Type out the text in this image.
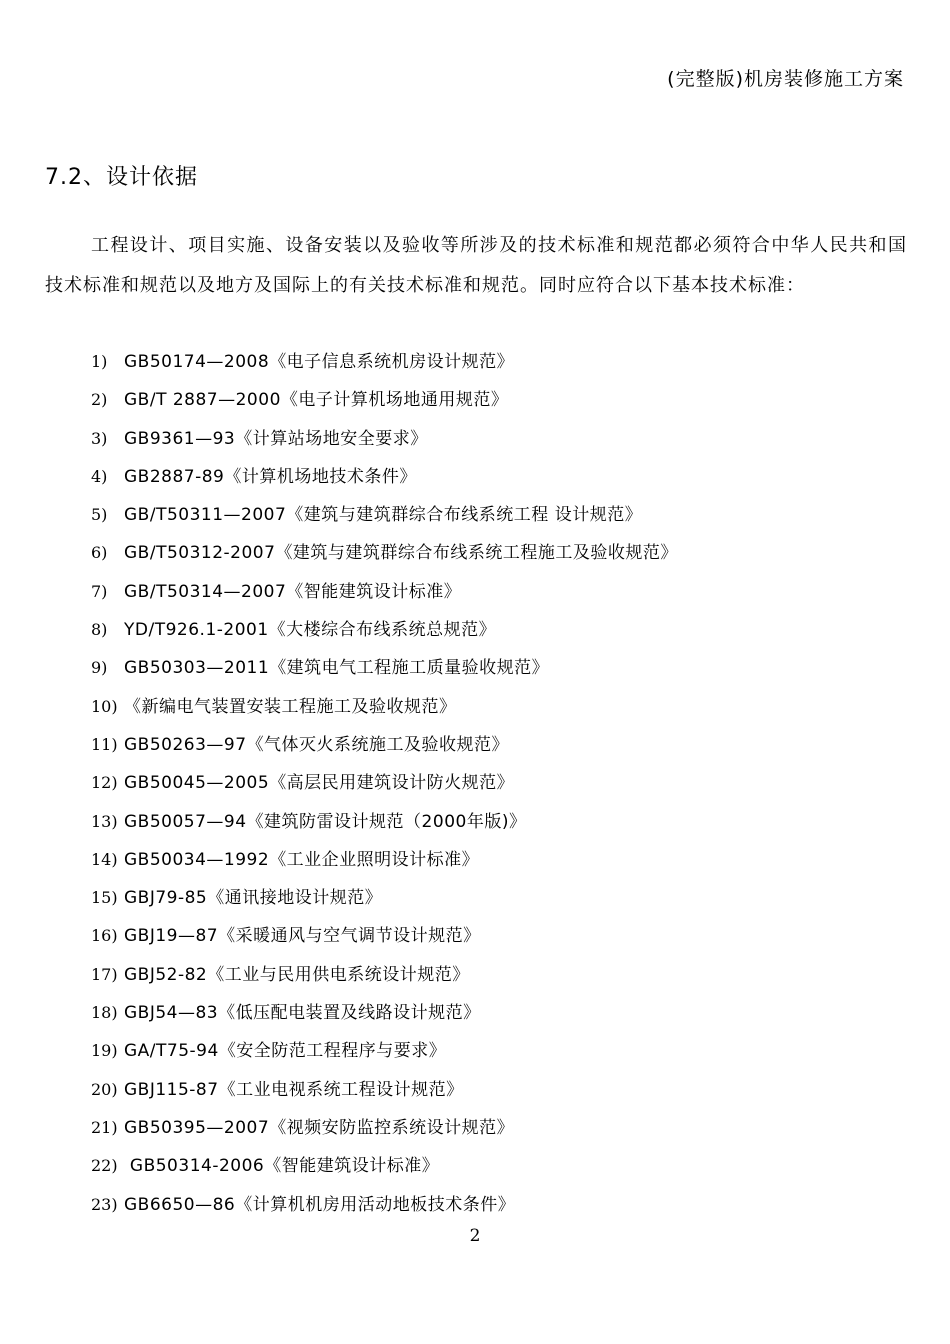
(完整版)机房装修施工方案
7.2、设计依据

工程设计、项目实施、设备安装以及验收等所涉及的技术标准和规范都必须符合中华人民共和国技术标准和规范以及地方及国际上的有关技术标准和规范。同时应符合以下基本技术标准：

1) GB50174—2008《电子信息系统机房设计规范》
2) GB/T 2887—2000《电子计算机场地通用规范》
3) GB9361—93《计算站场地安全要求》
4) GB2887-89《计算机场地技术条件》
5) GB/T50311—2007《建筑与建筑群综合布线系统工程 设计规范》
6) GB/T50312-2007《建筑与建筑群综合布线系统工程施工及验收规范》
7) GB/T50314—2007《智能建筑设计标准》
8) YD/T926.1-2001《大楼综合布线系统总规范》
9) GB50303—2011《建筑电气工程施工质量验收规范》
10) 《新编电气装置安装工程施工及验收规范》
11) GB50263—97《气体灭火系统施工及验收规范》
12) GB50045—2005《高层民用建筑设计防火规范》
13) GB50057—94《建筑防雷设计规范（2000年版)》
14) GB50034—1992《工业企业照明设计标准》
15) GBJ79-85《通讯接地设计规范》
16) GBJ19—87《采暖通风与空气调节设计规范》
17) GBJ52-82《工业与民用供电系统设计规范》
18) GBJ54—83《低压配电装置及线路设计规范》
19) GA/T75-94《安全防范工程程序与要求》
20) GBJ115-87《工业电视系统工程设计规范》
21) GB50395—2007《视频安防监控系统设计规范》
22) GB50314-2006《智能建筑设计标准》
23) GB6650—86《计算机机房用活动地板技术条件》
2
